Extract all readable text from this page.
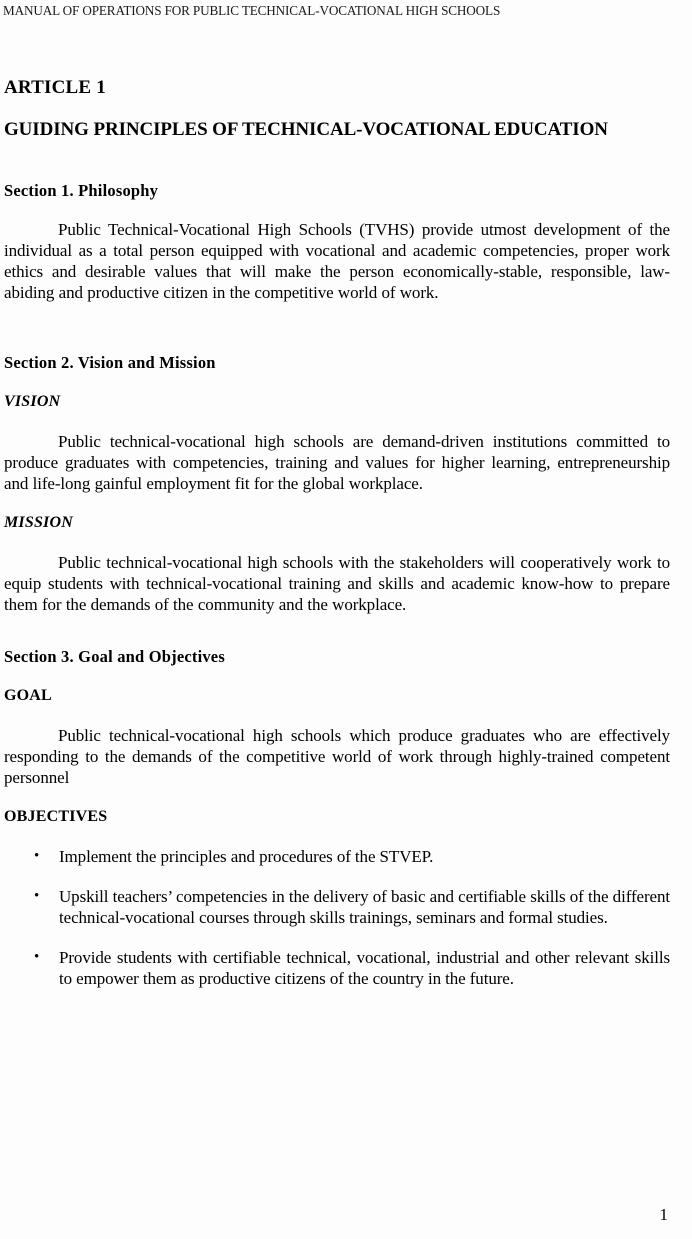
MANUAL OF OPERATIONS FOR PUBLIC TECHNICAL-VOCATIONAL HIGH SCHOOLS
ARTICLE 1
GUIDING PRINCIPLES OF TECHNICAL-VOCATIONAL EDUCATION
Section 1. Philosophy

Public Technical-Vocational High Schools (TVHS) provide utmost development of the individual as a total person equipped with vocational and academic competencies, proper work ethics and desirable values that will make the person economically-stable, responsible, law-abiding and productive citizen in the competitive world of work.

Section 2. Vision and Mission
VISION

Public technical-vocational high schools are demand-driven institutions committed to produce graduates with competencies, training and values for higher learning, entrepreneurship and life-long gainful employment fit for the global workplace.

MISSION

Public technical-vocational high schools with the stakeholders will cooperatively work to equip students with technical-vocational training and skills and academic know-how to prepare them for the demands of the community and the workplace.

Section 3. Goal and Objectives
GOAL

Public technical-vocational high schools which produce graduates who are effectively responding to the demands of the competitive world of work through highly-trained competent personnel

OBJECTIVES
• Implement the principles and procedures of the STVEP.
• Upskill teachers’ competencies in the delivery of basic and certifiable skills of the different technical-vocational courses through skills trainings, seminars and formal studies.
• Provide students with certifiable technical, vocational, industrial and other relevant skills to empower them as productive citizens of the country in the future.
1
